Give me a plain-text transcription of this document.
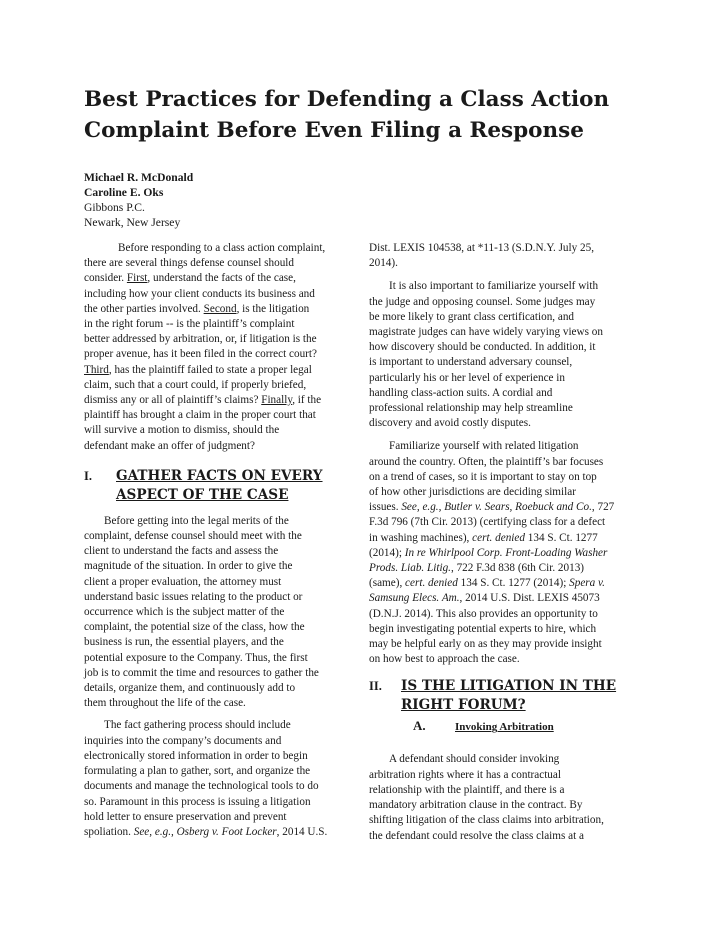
Best Practices for Defending a Class Action
Complaint Before Even Filing a Response
Michael R. McDonald
Caroline E. Oks
Gibbons P.C.
Newark, New Jersey

Before responding to a class action complaint,
there are several things defense counsel should
consider. First, understand the facts of the case,
including how your client conducts its business and
the other parties involved. Second, is the litigation
in the right forum -- is the plaintiff’s complaint
better addressed by arbitration, or, if litigation is the
proper avenue, has it been filed in the correct court?
Third, has the plaintiff failed to state a proper legal
claim, such that a court could, if properly briefed,
dismiss any or all of plaintiff’s claims? Finally, if the
plaintiff has brought a claim in the proper court that
will survive a motion to dismiss, should the
defendant make an offer of judgment?

I. GATHER FACTS ON EVERY
ASPECT OF THE CASE

Before getting into the legal merits of the
complaint, defense counsel should meet with the
client to understand the facts and assess the
magnitude of the situation. In order to give the
client a proper evaluation, the attorney must
understand basic issues relating to the product or
occurrence which is the subject matter of the
complaint, the potential size of the class, how the
business is run, the essential players, and the
potential exposure to the Company. Thus, the first
job is to commit the time and resources to gather the
details, organize them, and continuously add to
them throughout the life of the case.

The fact gathering process should include
inquiries into the company’s documents and
electronically stored information in order to begin
formulating a plan to gather, sort, and organize the
documents and manage the technological tools to do
so. Paramount in this process is issuing a litigation
hold letter to ensure preservation and prevent
spoliation. See, e.g., Osberg v. Foot Locker, 2014 U.S.

Dist. LEXIS 104538, at *11-13 (S.D.N.Y. July 25,
2014).

It is also important to familiarize yourself with
the judge and opposing counsel. Some judges may
be more likely to grant class certification, and
magistrate judges can have widely varying views on
how discovery should be conducted. In addition, it
is important to understand adversary counsel,
particularly his or her level of experience in
handling class-action suits. A cordial and
professional relationship may help streamline
discovery and avoid costly disputes.

Familiarize yourself with related litigation
around the country. Often, the plaintiff’s bar focuses
on a trend of cases, so it is important to stay on top
of how other jurisdictions are deciding similar
issues. See, e.g., Butler v. Sears, Roebuck and Co., 727
F.3d 796 (7th Cir. 2013) (certifying class for a defect
in washing machines), cert. denied 134 S. Ct. 1277
(2014); In re Whirlpool Corp. Front-Loading Washer
Prods. Liab. Litig., 722 F.3d 838 (6th Cir. 2013)
(same), cert. denied 134 S. Ct. 1277 (2014); Spera v.
Samsung Elecs. Am., 2014 U.S. Dist. LEXIS 45073
(D.N.J. 2014). This also provides an opportunity to
begin investigating potential experts to hire, which
may be helpful early on as they may provide insight
on how best to approach the case.

II. IS THE LITIGATION IN THE
RIGHT FORUM?
A.	Invoking Arbitration

A defendant should consider invoking
arbitration rights where it has a contractual
relationship with the plaintiff, and there is a
mandatory arbitration clause in the contract. By
shifting litigation of the class claims into arbitration,
the defendant could resolve the class claims at a
